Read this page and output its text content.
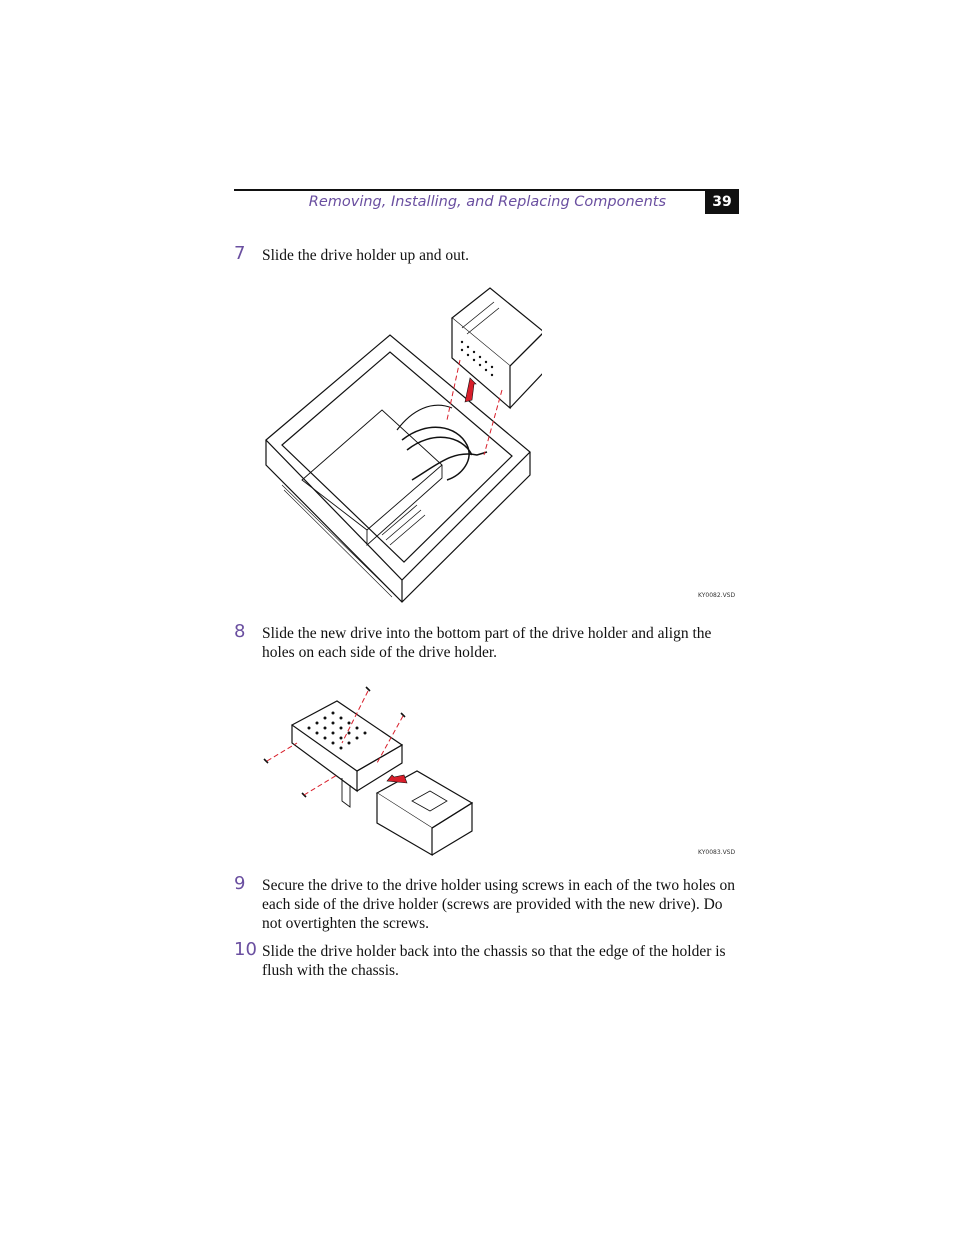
Removing, Installing, and Replacing Components	39
7	Slide the drive holder up and out.
KY0082.VSD
8	Slide the new drive into the bottom part of the drive holder and align the holes on each side of the drive holder.
KY0083.VSD
9	Secure the drive to the drive holder using screws in each of the two holes on each side of the drive holder (screws are provided with the new drive). Do not overtighten the screws.
10 Slide the drive holder back into the chassis so that the edge of the holder is flush with the chassis.
